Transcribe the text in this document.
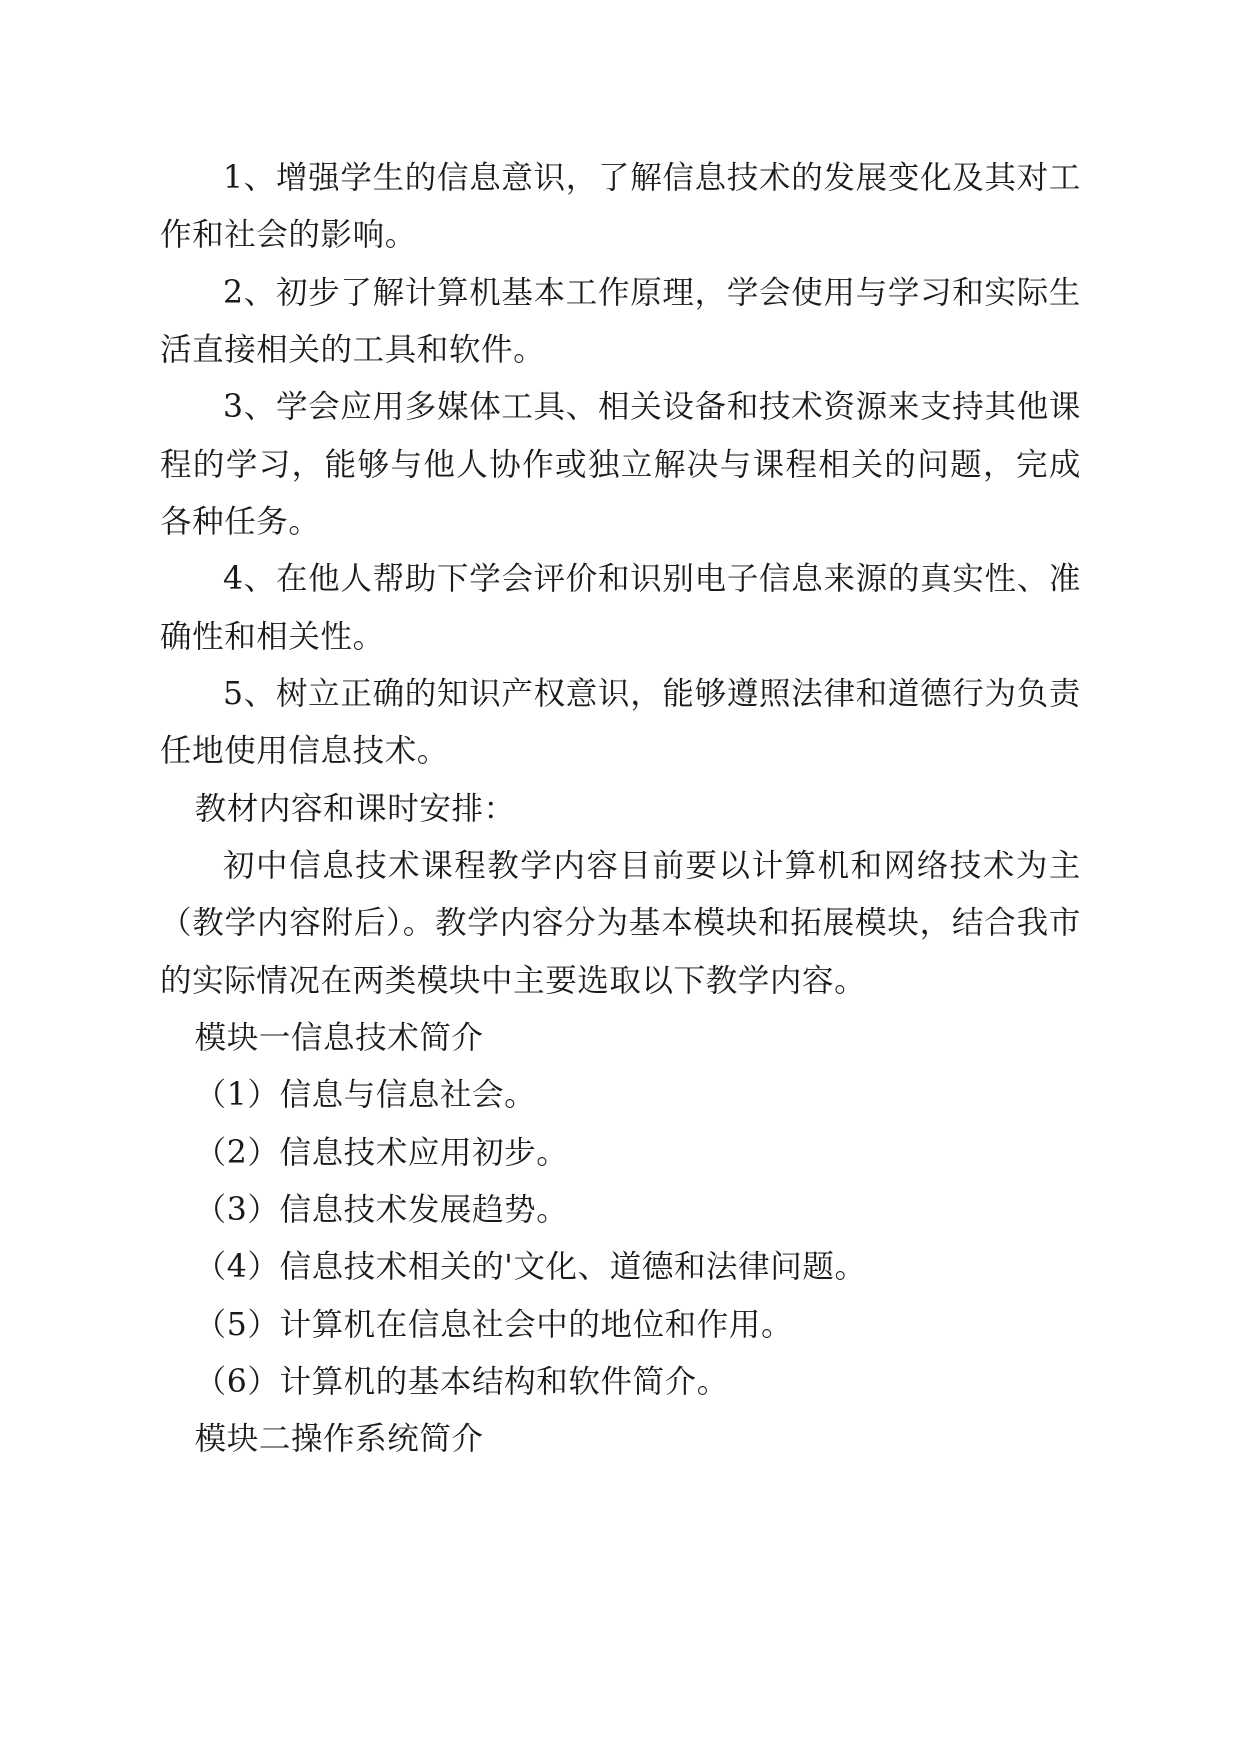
1、增强学生的信息意识，了解信息技术的发展变化及其对工作和社会的影响。

2、初步了解计算机基本工作原理，学会使用与学习和实际生活直接相关的工具和软件。

3、学会应用多媒体工具、相关设备和技术资源来支持其他课程的学习，能够与他人协作或独立解决与课程相关的问题，完成各种任务。

4、在他人帮助下学会评价和识别电子信息来源的真实性、准确性和相关性。

5、树立正确的知识产权意识，能够遵照法律和道德行为负责任地使用信息技术。

教材内容和课时安排：

初中信息技术课程教学内容目前要以计算机和网络技术为主（教学内容附后）。教学内容分为基本模块和拓展模块，结合我市的实际情况在两类模块中主要选取以下教学内容。

模块一信息技术简介

（1）信息与信息社会。

（2）信息技术应用初步。

（3）信息技术发展趋势。

（4）信息技术相关的'文化、道德和法律问题。

（5）计算机在信息社会中的地位和作用。

（6）计算机的基本结构和软件简介。

模块二操作系统简介
